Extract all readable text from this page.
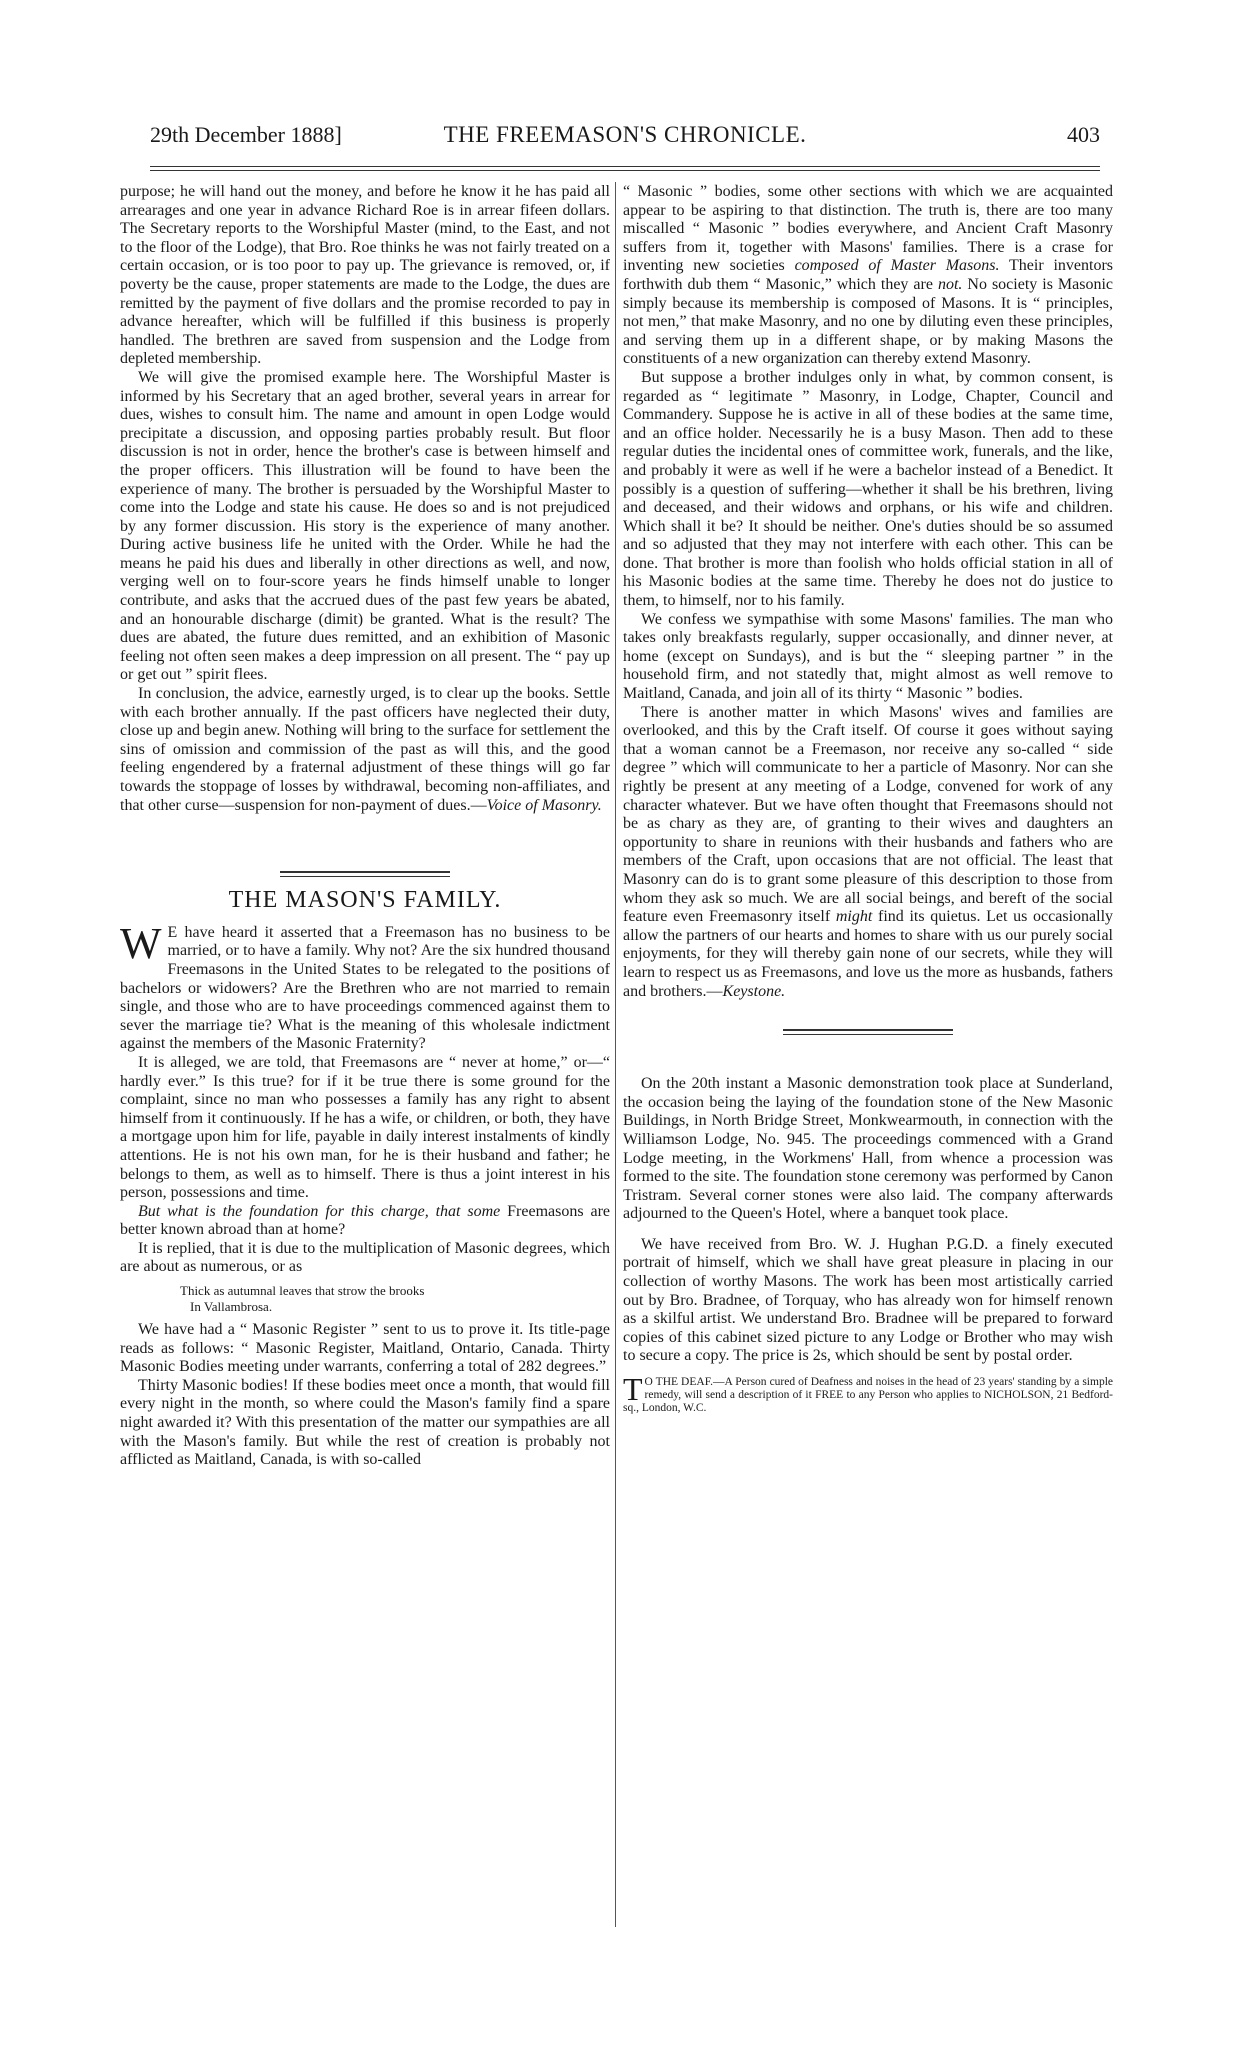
29th December 1888]	THE FREEMASON'S CHRONICLE.	403

purpose; he will hand out the money, and before he know it he has paid all arrearages and one year in advance Richard Roe is in arrear fifeen dollars. The Secretary reports to the Worshipful Master (mind, to the East, and not to the floor of the Lodge), that Bro. Roe thinks he was not fairly treated on a certain occasion, or is too poor to pay up. The grievance is removed, or, if poverty be the cause, proper statements are made to the Lodge, the dues are remitted by the payment of five dollars and the promise recorded to pay in advance hereafter, which will be fulfilled if this business is properly handled. The brethren are saved from suspension and the Lodge from depleted membership.

We will give the promised example here. The Worshipful Master is informed by his Secretary that an aged brother, several years in arrear for dues, wishes to consult him. The name and amount in open Lodge would precipitate a discussion, and opposing parties probably result. But floor discussion is not in order, hence the brother's case is between himself and the proper officers. This illustration will be found to have been the experience of many. The brother is persuaded by the Worshipful Master to come into the Lodge and state his cause. He does so and is not prejudiced by any former discussion. His story is the experience of many another. During active business life he united with the Order. While he had the means he paid his dues and liberally in other directions as well, and now, verging well on to four-score years he finds himself unable to longer contribute, and asks that the accrued dues of the past few years be abated, and an honourable discharge (dimit) be granted. What is the result? The dues are abated, the future dues remitted, and an exhibition of Masonic feeling not often seen makes a deep impression on all present. The “ pay up or get out ” spirit flees.

In conclusion, the advice, earnestly urged, is to clear up the books. Settle with each brother annually. If the past officers have neglected their duty, close up and begin anew. Nothing will bring to the surface for settlement the sins of omission and commission of the past as will this, and the good feeling engendered by a fraternal adjustment of these things will go far towards the stoppage of losses by withdrawal, becoming non-affiliates, and that other curse—suspension for non-payment of dues.—Voice of Masonry.

THE MASON'S FAMILY.

W E have heard it asserted that a Freemason has no business to be married, or to have a family. Why not? Are the six hundred thousand Freemasons in the United States to be relegated to the positions of bachelors or widowers? Are the Brethren who are not married to remain single, and those who are to have proceedings commenced against them to sever the marriage tie? What is the meaning of this wholesale indictment against the members of the Masonic Fraternity?

It is alleged, we are told, that Freemasons are “ never at home,” or—“ hardly ever.” Is this true? for if it be true there is some ground for the complaint, since no man who possesses a family has any right to absent himself from it continuously. If he has a wife, or children, or both, they have a mortgage upon him for life, payable in daily interest instalments of kindly attentions. He is not his own man, for he is their husband and father; he belongs to them, as well as to himself. There is thus a joint interest in his person, possessions and time.

But what is the foundation for this charge, that some Freemasons are better known abroad than at home?

It is replied, that it is due to the multiplication of Masonic degrees, which are about as numerous, or as

Thick as autumnal leaves that strow the brooks
In Vallambrosa.

We have had a “ Masonic Register ” sent to us to prove it. Its title-page reads as follows: “ Masonic Register, Maitland, Ontario, Canada. Thirty Masonic Bodies meeting under warrants, conferring a total of 282 degrees.”

Thirty Masonic bodies! If these bodies meet once a month, that would fill every night in the month, so where could the Mason's family find a spare night awarded it? With this presentation of the matter our sympathies are all with the Mason's family. But while the rest of creation is probably not afflicted as Maitland, Canada, is with so-called

“ Masonic ” bodies, some other sections with which we are acquainted appear to be aspiring to that distinction. The truth is, there are too many miscalled “ Masonic ” bodies everywhere, and Ancient Craft Masonry suffers from it, together with Masons' families. There is a crase for inventing new societies composed of Master Masons. Their inventors forthwith dub them “ Masonic,” which they are not. No society is Masonic simply because its membership is composed of Masons. It is “ principles, not men,” that make Masonry, and no one by diluting even these principles, and serving them up in a different shape, or by making Masons the constituents of a new organization can thereby extend Masonry.

But suppose a brother indulges only in what, by common consent, is regarded as “ legitimate ” Masonry, in Lodge, Chapter, Council and Commandery. Suppose he is active in all of these bodies at the same time, and an office holder. Necessarily he is a busy Mason. Then add to these regular duties the incidental ones of committee work, funerals, and the like, and probably it were as well if he were a bachelor instead of a Benedict. It possibly is a question of suffering—whether it shall be his brethren, living and deceased, and their widows and orphans, or his wife and children. Which shall it be? It should be neither. One's duties should be so assumed and so adjusted that they may not interfere with each other. This can be done. That brother is more than foolish who holds official station in all of his Masonic bodies at the same time. Thereby he does not do justice to them, to himself, nor to his family.

We confess we sympathise with some Masons' families. The man who takes only breakfasts regularly, supper occasionally, and dinner never, at home (except on Sundays), and is but the “ sleeping partner ” in the household firm, and not statedly that, might almost as well remove to Maitland, Canada, and join all of its thirty “ Masonic ” bodies.

There is another matter in which Masons' wives and families are overlooked, and this by the Craft itself. Of course it goes without saying that a woman cannot be a Freemason, nor receive any so-called “ side degree ” which will communicate to her a particle of Masonry. Nor can she rightly be present at any meeting of a Lodge, convened for work of any character whatever. But we have often thought that Freemasons should not be as chary as they are, of granting to their wives and daughters an opportunity to share in reunions with their husbands and fathers who are members of the Craft, upon occasions that are not official. The least that Masonry can do is to grant some pleasure of this description to those from whom they ask so much. We are all social beings, and bereft of the social feature even Freemasonry itself might find its quietus. Let us occasionally allow the partners of our hearts and homes to share with us our purely social enjoyments, for they will thereby gain none of our secrets, while they will learn to respect us as Freemasons, and love us the more as husbands, fathers and brothers.—Keystone.

On the 20th instant a Masonic demonstration took place at Sunderland, the occasion being the laying of the foundation stone of the New Masonic Buildings, in North Bridge Street, Monkwearmouth, in connection with the Williamson Lodge, No. 945. The proceedings commenced with a Grand Lodge meeting, in the Workmens' Hall, from whence a procession was formed to the site. The foundation stone ceremony was performed by Canon Tristram. Several corner stones were also laid. The company afterwards adjourned to the Queen's Hotel, where a banquet took place.

We have received from Bro. W. J. Hughan P.G.D. a finely executed portrait of himself, which we shall have great pleasure in placing in our collection of worthy Masons. The work has been most artistically carried out by Bro. Bradnee, of Torquay, who has already won for himself renown as a skilful artist. We understand Bro. Bradnee will be prepared to forward copies of this cabinet sized picture to any Lodge or Brother who may wish to secure a copy. The price is 2s, which should be sent by postal order.

T O THE DEAF.—A Person cured of Deafness and noises in the head of 23 years' standing by a simple remedy, will send a description of it FREE to any Person who applies to NICHOLSON, 21 Bedford-sq., London, W.C.
